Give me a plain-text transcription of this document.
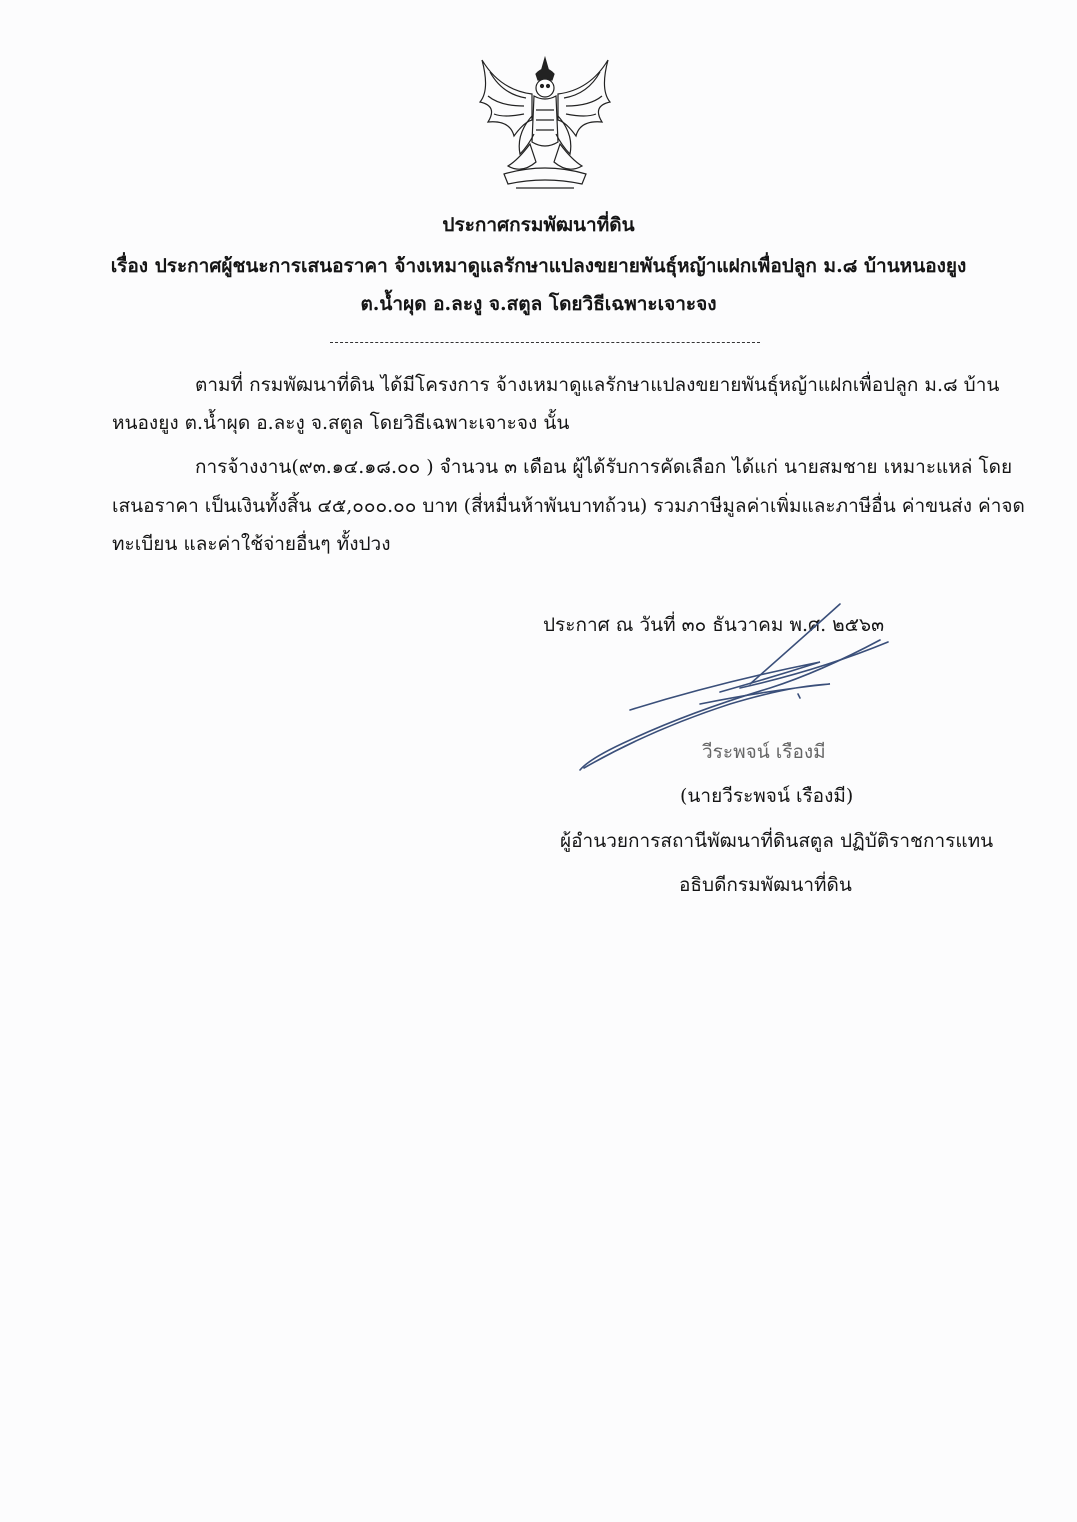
ประกาศกรมพัฒนาที่ดิน
เรื่อง ประกาศผู้ชนะการเสนอราคา จ้างเหมาดูแลรักษาแปลงขยายพันธุ์หญ้าแฝกเพื่อปลูก ม.๘ บ้านหนองยูง
ต.น้ำผุด อ.ละงู จ.สตูล โดยวิธีเฉพาะเจาะจง
ตามที่ กรมพัฒนาที่ดิน ได้มีโครงการ จ้างเหมาดูแลรักษาแปลงขยายพันธุ์หญ้าแฝกเพื่อปลูก ม.๘ บ้าน
หนองยูง ต.น้ำผุด อ.ละงู จ.สตูล โดยวิธีเฉพาะเจาะจง นั้น
การจ้างงาน(๙๓.๑๔.๑๘.๐๐ ) จำนวน ๓ เดือน ผู้ได้รับการคัดเลือก ได้แก่ นายสมชาย เหมาะแหล่ โดย
เสนอราคา เป็นเงินทั้งสิ้น ๔๕,๐๐๐.๐๐ บาท (สี่หมื่นห้าพันบาทถ้วน) รวมภาษีมูลค่าเพิ่มและภาษีอื่น ค่าขนส่ง ค่าจด
ทะเบียน และค่าใช้จ่ายอื่นๆ ทั้งปวง
ประกาศ ณ วันที่ ๓๐ ธันวาคม พ.ศ. ๒๕๖๓
วีระพจน์ เรืองมี
(นายวีระพจน์ เรืองมี)
ผู้อำนวยการสถานีพัฒนาที่ดินสตูล ปฏิบัติราชการแทน
อธิบดีกรมพัฒนาที่ดิน
